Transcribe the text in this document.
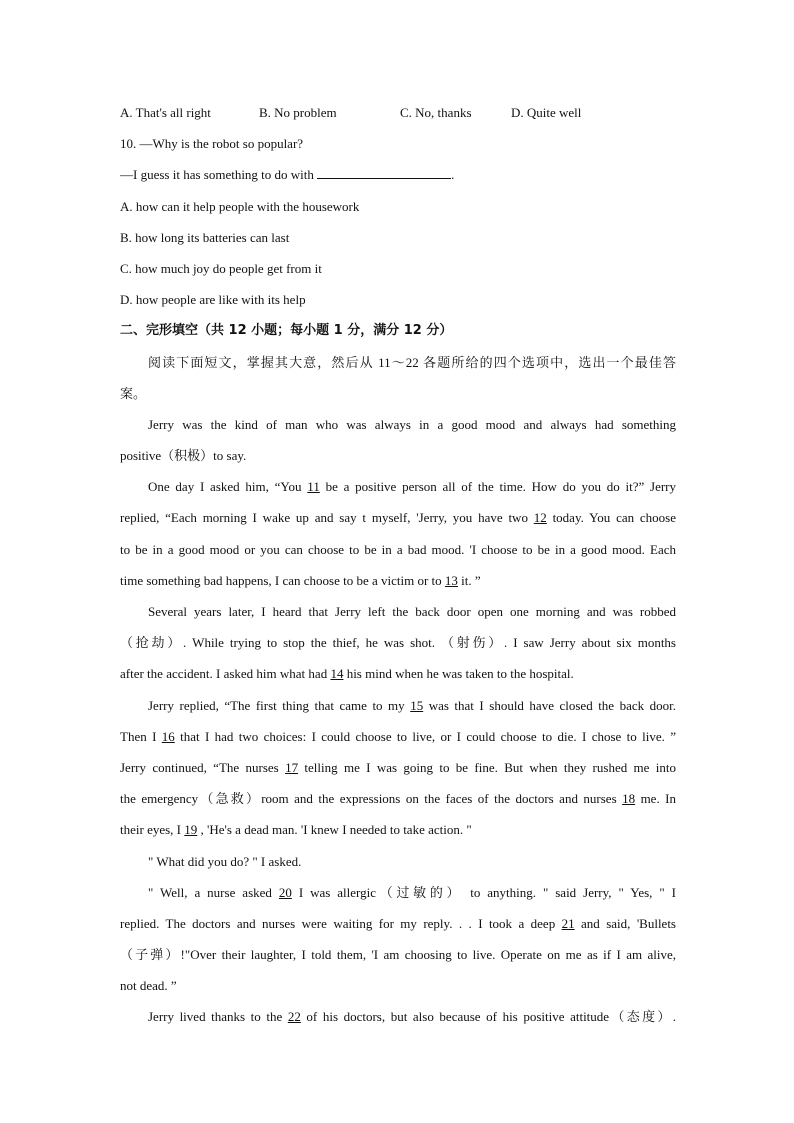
A. That's all right	B. No problem	C. No, thanks	D. Quite well
10. —Why is the robot so popular?
—I guess it has something to do with	.
A. how can it help people with the housework
B. how long its batteries can last
C. how much joy do people get from it
D. how people are like with its help
二、完形填空（共 12 小题；每小题 1 分，满分 12 分）
阅读下面短文，掌握其大意，然后从 11～22 各题所给的四个选项中，选出一个最佳答
案。
Jerry was the kind of man who was always in a good mood and always had something
positive（积极）to say.
One day I asked him, “You 11 be a positive person all of the time. How do you do it?” Jerry
replied, “Each morning I wake up and say t myself, 'Jerry, you have two 12 today. You can choose
to be in a good mood or you can choose to be in a bad mood. 'I choose to be in a good mood. Each
time something bad happens, I can choose to be a victim or to 13 it. ”
Several years later, I heard that Jerry left the back door open one morning and was robbed
（抢劫）. While trying to stop the thief, he was shot. （射伤）. I saw Jerry about six months
after the accident. I asked him what had 14 his mind when he was taken to the hospital.
Jerry replied, “The first thing that came to my 15 was that I should have closed the back door.
Then I 16 that I had two choices: I could choose to live, or I could choose to die. I chose to live. ”
Jerry continued, “The nurses 17 telling me I was going to be fine. But when they rushed me into
the emergency（急救）room and the expressions on the faces of the doctors and nurses 18 me. In
their eyes, I 19 , 'He's a dead man. 'I knew I needed to take action. "
" What did you do? " I asked.
" Well, a nurse asked 20 I was allergic（过敏的） to anything. " said Jerry, " Yes, " I
replied. The doctors and nurses were waiting for my reply. . . I took a deep 21 and said, 'Bullets
（子弹）!"Over their laughter, I told them, 'I am choosing to live. Operate on me as if I am alive,
not dead. ”
Jerry lived thanks to the 22 of his doctors, but also because of his positive attitude（态度）.
